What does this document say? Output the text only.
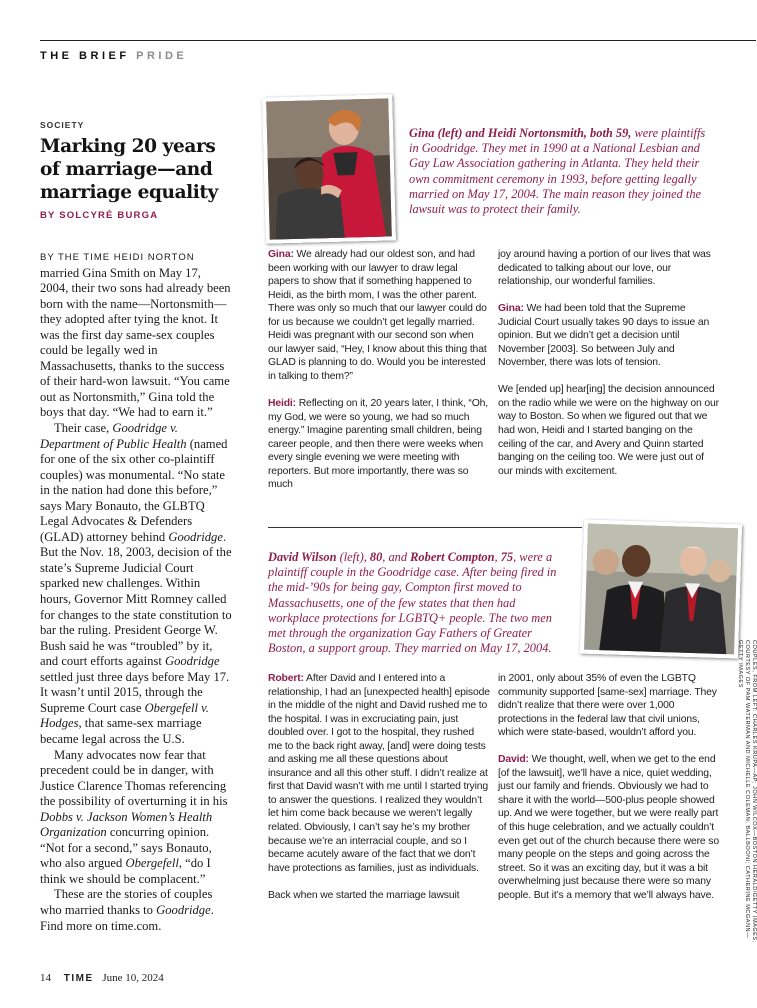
THE BRIEF PRIDE
SOCIETY
Marking 20 years of marriage—and marriage equality
BY SOLCYRÉ BURGA

BY THE TIME HEIDI NORTON married Gina Smith on May 17, 2004, their two sons had already been born with the name—Nortonsmith—they adopted after tying the knot. It was the first day same-sex couples could be legally wed in Massachusetts, thanks to the success of their hard-won lawsuit. “You came out as Nortonsmith,” Gina told the boys that day. “We had to earn it.”

Their case, Goodridge v. Department of Public Health (named for one of the six other co-plaintiff couples) was monumental. “No state in the nation had done this before,” says Mary Bonauto, the GLBTQ Legal Advocates & Defenders (GLAD) attorney behind Goodridge. But the Nov. 18, 2003, decision of the state’s Supreme Judicial Court sparked new challenges. Within hours, Governor Mitt Romney called for changes to the state constitution to bar the ruling. President George W. Bush said he was “troubled” by it, and court efforts against Goodridge settled just three days before May 17. It wasn’t until 2015, through the Supreme Court case Obergefell v. Hodges, that same-sex marriage became legal across the U.S.

Many advocates now fear that precedent could be in danger, with Justice Clarence Thomas referencing the possibility of overturning it in his Dobbs v. Jackson Women’s Health Organization concurring opinion. “Not for a second,” says Bonauto, who also argued Obergefell, “do I think we should be complacent.”

These are the stories of couples who married thanks to Goodridge. Find more on time.com.

Gina (left) and Heidi Nortonsmith, both 59, were plaintiffs in Goodridge. They met in 1990 at a National Lesbian and Gay Law Association gathering in Atlanta. They held their own commitment ceremony in 1993, before getting legally married on May 17, 2004. The main reason they joined the lawsuit was to protect their family.

Gina: We already had our oldest son, and had been working with our lawyer to draw legal papers to show that if something happened to Heidi, as the birth mom, I was the other parent. There was only so much that our lawyer could do for us because we couldn’t get legally married. Heidi was pregnant with our second son when our lawyer said, “Hey, I know about this thing that GLAD is planning to do. Would you be interested in talking to them?”

Heidi: Reflecting on it, 20 years later, I think, “Oh, my God, we were so young, we had so much energy.” Imagine parenting small children, being career people, and then there were weeks when every single evening we were meeting with reporters. But more importantly, there was so much

joy around having a portion of our lives that was dedicated to talking about our love, our relationship, our wonderful families.

Gina: We had been told that the Supreme Judicial Court usually takes 90 days to issue an opinion. But we didn’t get a decision until November [2003]. So between July and November, there was lots of tension.

We [ended up] hear[ing] the decision announced on the radio while we were on the highway on our way to Boston. So when we figured out that we had won, Heidi and I started banging on the ceiling of the car, and Avery and Quinn started banging on the ceiling too. We were just out of our minds with excitement.

David Wilson (left), 80, and Robert Compton, 75, were a plaintiff couple in the Goodridge case. After being fired in the mid-’90s for being gay, Compton first moved to Massachusetts, one of the few states that then had workplace protections for LGBTQ+ people. The two men met through the organization Gay Fathers of Greater Boston, a support group. They married on May 17, 2004.

Robert: After David and I entered into a relationship, I had an [unexpected health] episode in the middle of the night and David rushed me to the hospital. I was in excruciating pain, just doubled over. I got to the hospital, they rushed me to the back right away, [and] were doing tests and asking me all these questions about insurance and all this other stuff. I didn’t realize at first that David wasn’t with me until I started trying to answer the questions. I realized they wouldn’t let him come back because we weren’t legally related. Obviously, I can’t say he’s my brother because we’re an interracial couple, and so I became acutely aware of the fact that we don’t have protections as families, just as individuals.

Back when we started the marriage lawsuit

in 2001, only about 35% of even the LGBTQ community supported [same-sex] marriage. They didn’t realize that there were over 1,000 protections in the federal law that civil unions, which were state-based, wouldn’t afford you.

David: We thought, well, when we get to the end [of the lawsuit], we’ll have a nice, quiet wedding, just our family and friends. Obviously we had to share it with the world—500-plus people showed up. And we were together, but we were really part of this huge celebration, and we actually couldn’t even get out of the church because there were so many people on the steps and going across the street. So it was an exciting day, but it was a bit overwhelming just because there were so many people. But it’s a memory that we’ll always have.	COUPLES, FROM LEFT: CHARLES KRUPA—AP; JOHN WILCOX—BOSTON HERALD/GETTY IMAGES; COURTESY OF PAM WATERMAN AND MICHELLE COLEMAN; BALLBOONI; CATHERINE MCGANN—GETTY IMAGES
14 TIME June 10, 2024
